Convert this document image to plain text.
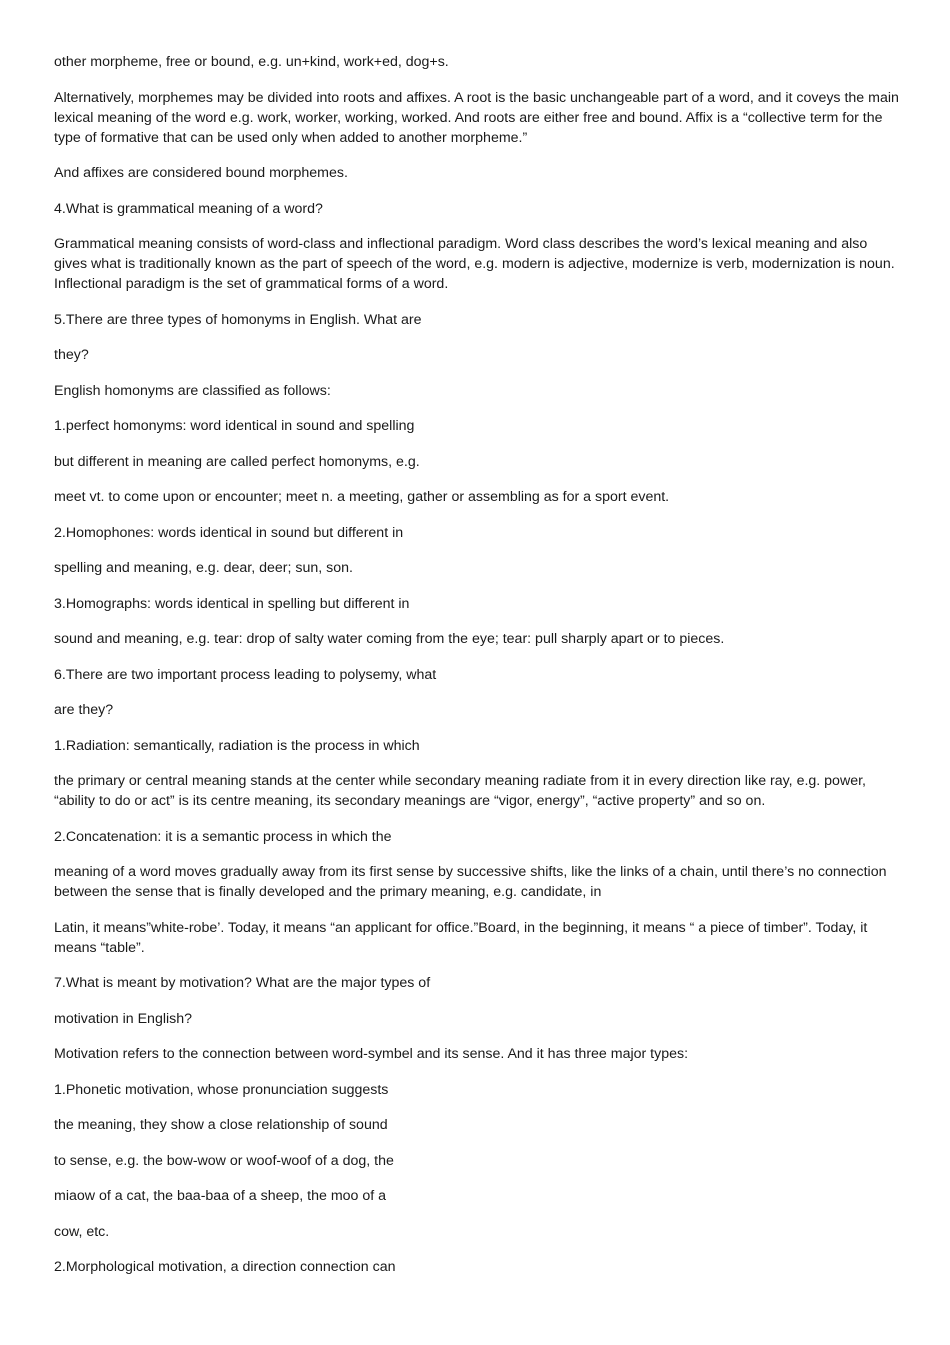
other morpheme, free or bound, e.g. un+kind, work+ed, dog+s.

Alternatively, morphemes may be divided into roots and affixes. A root is the basic unchangeable part of a word, and it coveys the main lexical meaning of the word e.g. work, worker, working, worked. And roots are either free and bound. Affix is a “collective term for the type of formative that can be used only when added to another morpheme.”

And affixes are considered bound morphemes.

4.What is grammatical meaning of a word?

Grammatical meaning consists of word-class and inflectional paradigm. Word class describes the word’s lexical meaning and also gives what is traditionally known as the part of speech of the word, e.g. modern is adjective, modernize is verb, modernization is noun. Inflectional paradigm is the set of grammatical forms of a word.

5.There are three types of homonyms in English. What are

they?

English homonyms are classified as follows:

1.perfect homonyms: word identical in sound and spelling

but different in meaning are called perfect homonyms, e.g.

meet vt. to come upon or encounter; meet n. a meeting, gather or assembling as for a sport event.

2.Homophones: words identical in sound but different in

spelling and meaning, e.g. dear, deer; sun, son.

3.Homographs: words identical in spelling but different in

sound and meaning, e.g. tear: drop of salty water coming from the eye; tear: pull sharply apart or to pieces.

6.There are two important process leading to polysemy, what

are they?

1.Radiation: semantically, radiation is the process in which

the primary or central meaning stands at the center while secondary meaning radiate from it in every direction like ray, e.g. power, “ability to do or act” is its centre meaning, its secondary meanings are “vigor, energy”, “active property” and so on.

2.Concatenation: it is a semantic process in which the

meaning of a word moves gradually away from its first sense by successive shifts, like the links of a chain, until there’s no connection between the sense that is finally developed and the primary meaning, e.g. candidate, in

Latin, it means”white-robe’. Today, it means “an applicant for office.”Board, in the beginning, it means “ a piece of timber”. Today, it means “table”.

7.What is meant by motivation? What are the major types of

motivation in English?

Motivation refers to the connection between word-symbel and its sense. And it has three major types:

1.Phonetic motivation, whose pronunciation suggests

the meaning, they show a close relationship of sound

to sense, e.g. the bow-wow or woof-woof of a dog, the

miaow of a cat, the baa-baa of a sheep, the moo of a

cow, etc.

2.Morphological motivation, a direction connection can
